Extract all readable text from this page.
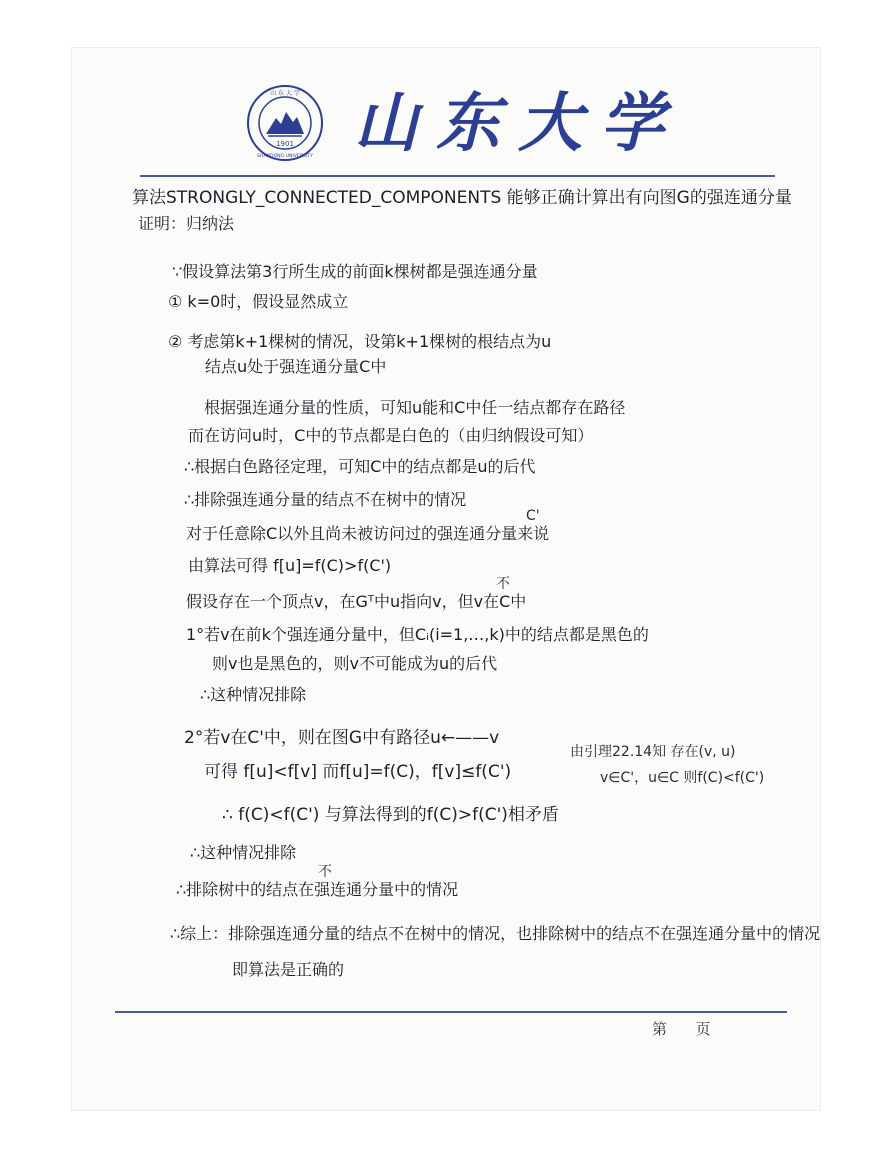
1901
山 东 大 学
SHANDONG UNIVERSITY 山东大学

算法STRONGLY_CONNECTED_COMPONENTS 能够正确计算出有向图G的强连通分量

证明：归纳法

∵假设算法第3行所生成的前面k棵树都是强连通分量

① k=0时，假设显然成立

② 考虑第k+1棵树的情况，设第k+1棵树的根结点为u

结点u处于强连通分量C中

根据强连通分量的性质，可知u能和C中任一结点都存在路径

而在访问u时，C中的节点都是白色的（由归纳假设可知）

∴根据白色路径定理，可知C中的结点都是u的后代

∴排除强连通分量的结点不在树中的情况

C'

对于任意除C以外且尚未被访问过的强连通分量来说

由算法可得 f[u]=f(C)>f(C')

不

假设存在一个顶点v，在Gᵀ中u指向v，但v在C中

1°若v在前k个强连通分量中，但Cᵢ(i=1,…,k)中的结点都是黑色的

则v也是黑色的，则v不可能成为u的后代

∴这种情况排除

2°若v在C'中，则在图G中有路径u←——v

可得 f[u]<f[v] 而f[u]=f(C)，f[v]≤f(C')

由引理22.14知 存在(v, u)

v∈C'，u∈C 则f(C)<f(C')

∴ f(C)<f(C') 与算法得到的f(C)>f(C')相矛盾

∴这种情况排除

不

∴排除树中的结点在强连通分量中的情况

∴综上：排除强连通分量的结点不在树中的情况，也排除树中的结点不在强连通分量中的情况

即算法是正确的

第 页
